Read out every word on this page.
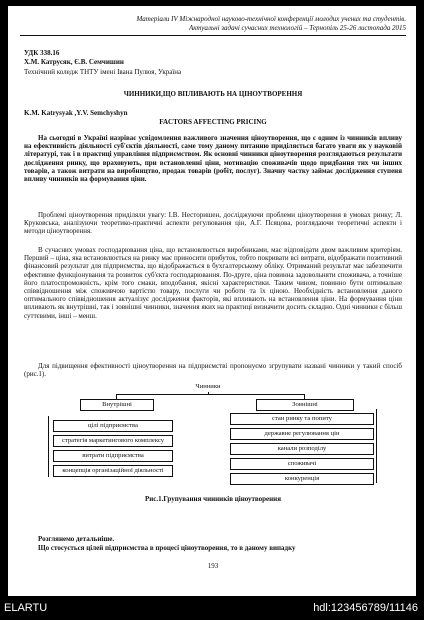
Матеріали IV Міжнародної науково-технічної конференції молодих учених та студентів.
Актуальні задачі сучасних технологій – Тернопіль 25-26 листопада 2015
УДК 338.16
Х.М. Катрусяк, Є.В. Семчишин
Технічний коледж ТНТУ імені Івана Пулюя, Україна
ЧИННИКИ,ЩО ВПЛИВАЮТЬ НА ЦІНОУТВОРЕННЯ
K.M. Katrysyak ,Y.V. Semchyshyn
FACTORS AFFECTING PRICING
На сьогодні в Україні назріває усвідомлення важливого значення ціноутворення, що є одним із чинників впливу на ефективність діяльності суб'єктів діяльності, саме тому даному питанню приділяється багато уваги як у науковій літературі, так і в практиці управління підприємством. Як основні чинники ціноутворення розглядаються результати дослідження ринку, що враховують, при встановленні ціни, мотивацію споживачів щодо придбання тих чи інших товарів, а також витрати на виробництво, продаж товарів (робіт, послуг). Значну частку займає дослідження ступеня впливу чинників на формування ціни.
Проблемі ціноутворення приділяли увагу: І.В. Несторишен, досліджуючи проблеми ціноутворення в умовах ринку; Л. Круковська, аналізуючи теоретико-практичні аспекти регулювання цін, А.Г. Псяцова, розглядаючи теоретичні аспекти і методи ціноутворення.
В сучасних умовах господарювання ціна, що встановлюється виробниками, має відповідати двом важливим критеріям. Перший – ціна, яка встановлюється на ринку має приносити прибуток, тобто покривати всі витрати, відображати позитивний фінансовий результат для підприємства, що відображається в бухгалтерському обліку. Отриманий результат має забезпечити ефективне функціонування та розвиток суб'єкта господарювання. По-друге, ціна повинна задовольняти споживача, а точніше його платоспроможність, крім того смаки, вподобання, якісні характеристики. Таким чином, повинно бути оптимальне співвідношення між споживчою вартістю товару, послуги чи роботи та їх ціною. Необхідність встановлення даного оптимального співвідношення актуалізує дослідження факторів, які впливають на встановлення ціни. На формування ціни впливають як внутрішні, так і зовнішні чинники, значення яких на практиці визначити досить складно. Одні чинники є більш суттєвими, інші – менш.
Для підвищення ефективності ціноутворення на підприємстві пропонуємо згрупувати названі чинники у такий спосіб (рис.1).
Чинники
Внутрішні	Зовнішні
цілі підприємства
стратегія маркетингового комплексу
витрати підприємства
концепція організаційної діяльності
стан ринку та попиту
державне регулювання цін
канали розподілу
споживачі
конкуренція
Рис.1.Групування чинників ціноутворення
Розглянемо детальніше.
Що стосується цілей підприємства в процесі ціноутворення, то в даному випадку
193
ELARTU	hdl:123456789/11146
